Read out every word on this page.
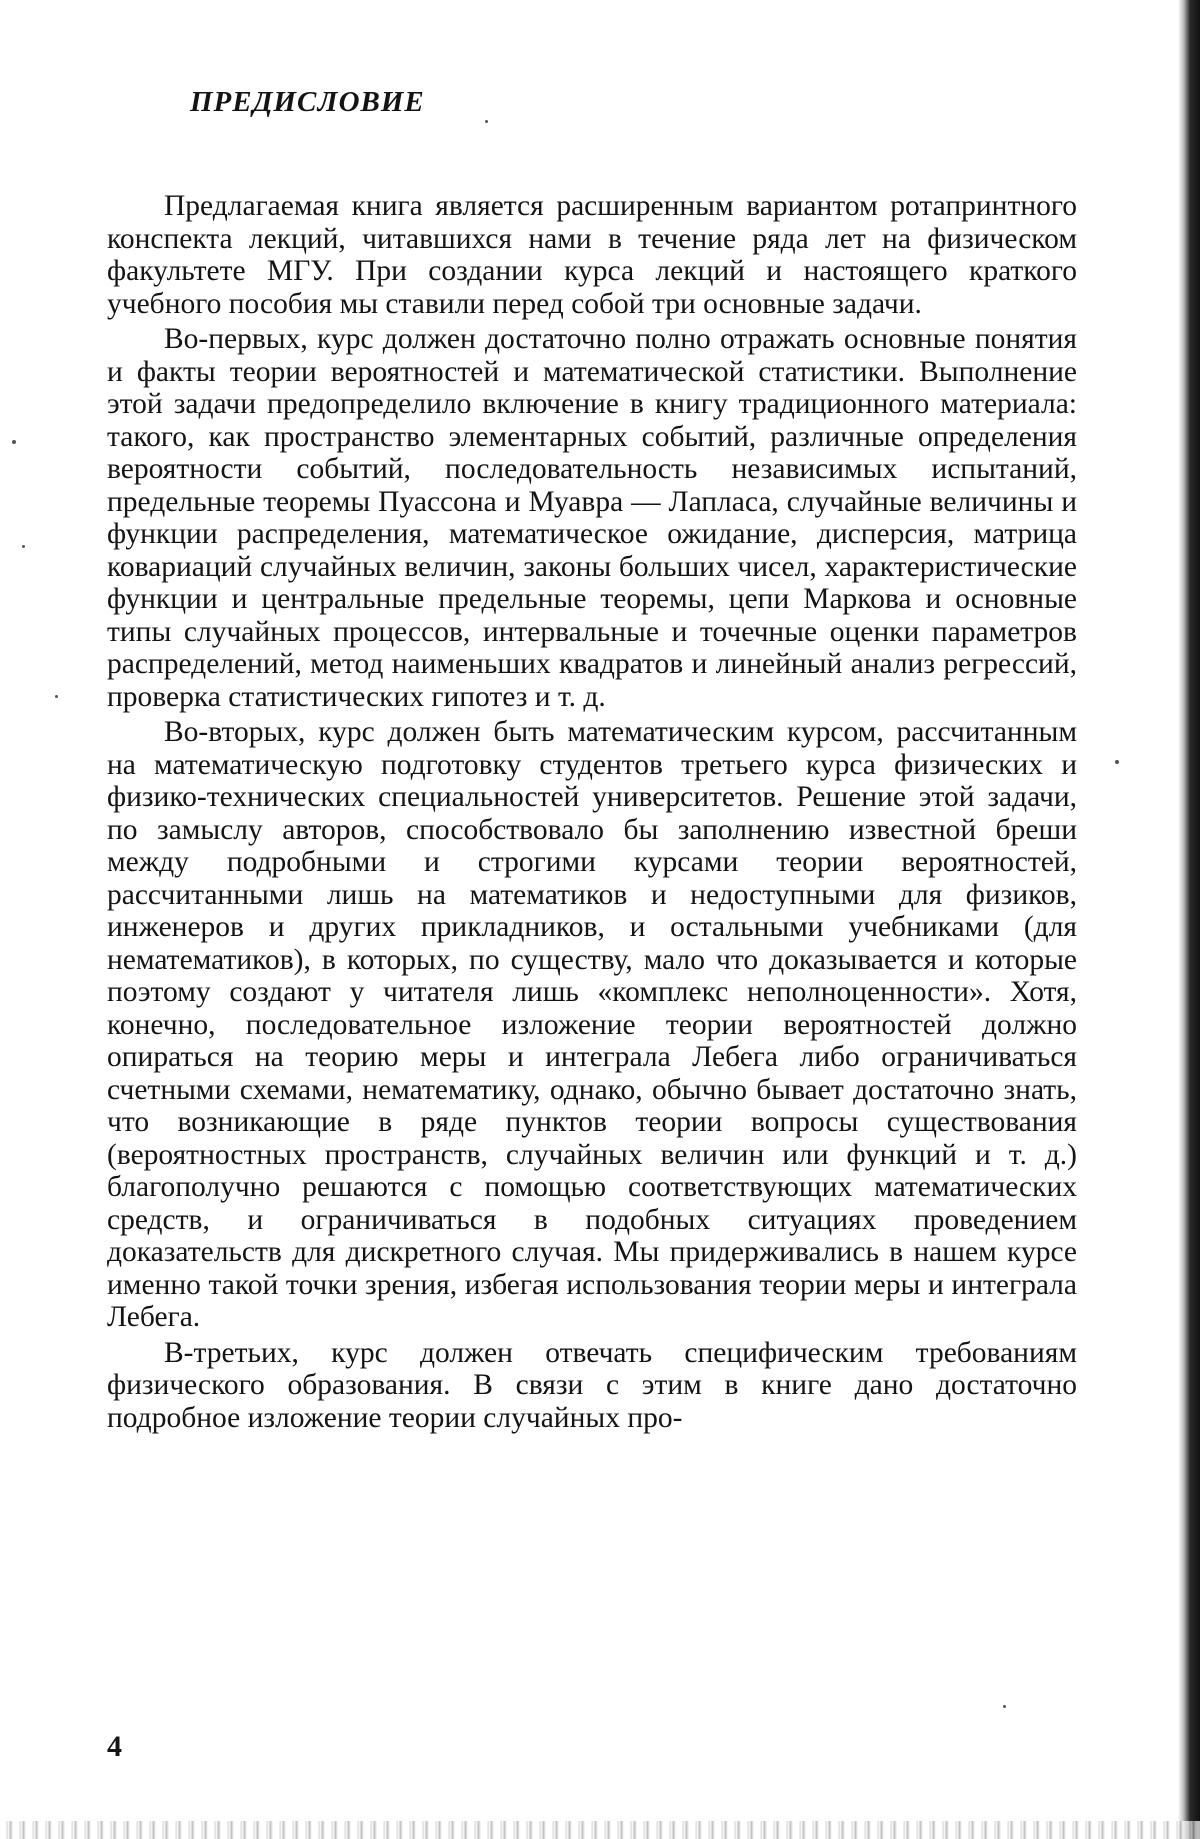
ПРЕДИСЛОВИЕ

Предлагаемая книга является расширенным вариантом ротапринтного конспекта лекций, читавшихся нами в течение ряда лет на физическом факультете МГУ. При создании курса лекций и настоящего краткого учебного пособия мы ставили перед собой три основные задачи.

Во-первых, курс должен достаточно полно отражать основные понятия и факты теории вероятностей и математической статистики. Выполнение этой задачи предопределило включение в книгу традиционного материала: такого, как пространство элементарных событий, различные определения вероятности событий, последовательность независимых испытаний, предельные теоремы Пуассона и Муавра — Лапласа, случайные величины и функции распределения, математическое ожидание, дисперсия, матрица ковариаций случайных величин, законы больших чисел, характеристические функции и центральные предельные теоремы, цепи Маркова и основные типы случайных процессов, интервальные и точечные оценки параметров распределений, метод наименьших квадратов и линейный анализ регрессий, проверка статистических гипотез и т. д.

Во-вторых, курс должен быть математическим курсом, рассчитанным на математическую подготовку студентов третьего курса физических и физико-технических специальностей университетов. Решение этой задачи, по замыслу авторов, способствовало бы заполнению известной бреши между подробными и строгими курсами теории вероятностей, рассчитанными лишь на математиков и недоступными для физиков, инженеров и других прикладников, и остальными учебниками (для нематематиков), в которых, по существу, мало что доказывается и которые поэтому создают у читателя лишь «комплекс неполноценности». Хотя, конечно, последовательное изложение теории вероятностей должно опираться на теорию меры и интеграла Лебега либо ограничиваться счетными схемами, нематематику, однако, обычно бывает достаточно знать, что возникающие в ряде пунктов теории вопросы существования (вероятностных пространств, случайных величин или функций и т. д.) благополучно решаются с помощью соответствующих математических средств, и ограничиваться в подобных ситуациях проведением доказательств для дискретного случая. Мы придерживались в нашем курсе именно такой точки зрения, избегая использования теории меры и интеграла Лебега.

В-третьих, курс должен отвечать специфическим требованиям физического образования. В связи с этим в книге дано достаточно подробное изложение теории случайных про-

4
